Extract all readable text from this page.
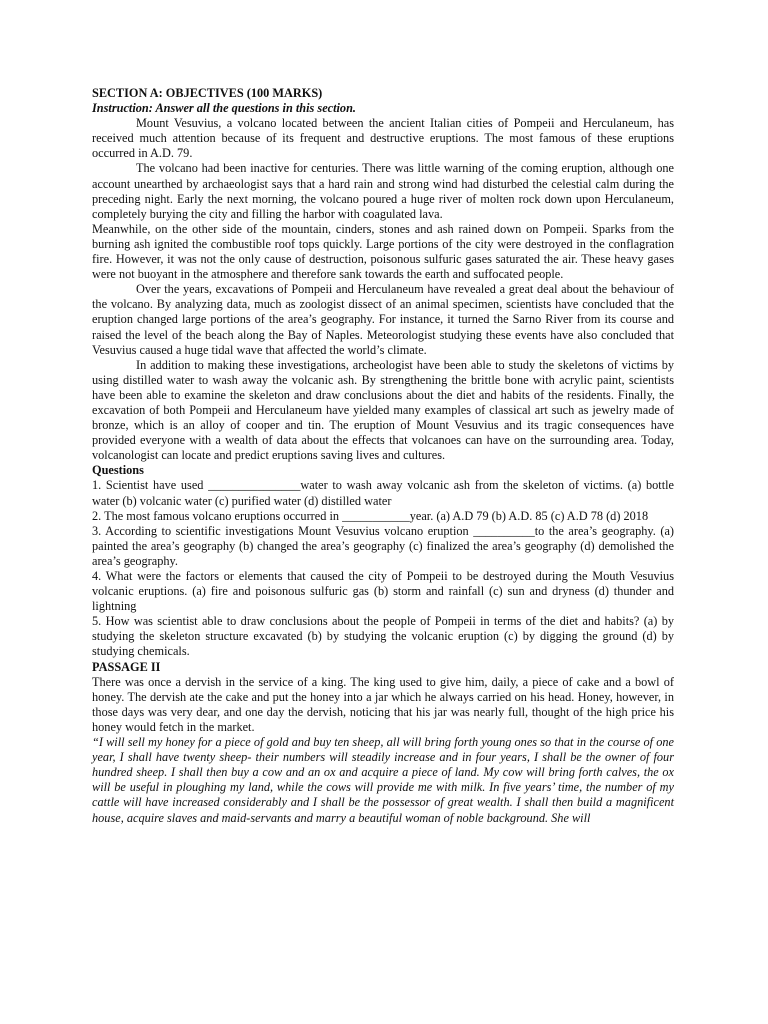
SECTION A: OBJECTIVES (100 MARKS)

Instruction: Answer all the questions in this section.

Mount Vesuvius, a volcano located between the ancient Italian cities of Pompeii and Herculaneum, has received much attention because of its frequent and destructive eruptions. The most famous of these eruptions occurred in A.D. 79.

The volcano had been inactive for centuries. There was little warning of the coming eruption, although one account unearthed by archaeologist says that a hard rain and strong wind had disturbed the celestial calm during the preceding night. Early the next morning, the volcano poured a huge river of molten rock down upon Herculaneum, completely burying the city and filling the harbor with coagulated lava.

Meanwhile, on the other side of the mountain, cinders, stones and ash rained down on Pompeii. Sparks from the burning ash ignited the combustible roof tops quickly. Large portions of the city were destroyed in the conflagration fire. However, it was not the only cause of destruction, poisonous sulfuric gases saturated the air. These heavy gases were not buoyant in the atmosphere and therefore sank towards the earth and suffocated people.

Over the years, excavations of Pompeii and Herculaneum have revealed a great deal about the behaviour of the volcano. By analyzing data, much as zoologist dissect of an animal specimen, scientists have concluded that the eruption changed large portions of the area’s geography. For instance, it turned the Sarno River from its course and raised the level of the beach along the Bay of Naples. Meteorologist studying these events have also concluded that Vesuvius caused a huge tidal wave that affected the world’s climate.

In addition to making these investigations, archeologist have been able to study the skeletons of victims by using distilled water to wash away the volcanic ash. By strengthening the brittle bone with acrylic paint, scientists have been able to examine the skeleton and draw conclusions about the diet and habits of the residents. Finally, the excavation of both Pompeii and Herculaneum have yielded many examples of classical art such as jewelry made of bronze, which is an alloy of cooper and tin. The eruption of Mount Vesuvius and its tragic consequences have provided everyone with a wealth of data about the effects that volcanoes can have on the surrounding area. Today, volcanologist can locate and predict eruptions saving lives and cultures.

Questions

1. Scientist have used _______________water to wash away volcanic ash from the skeleton of victims. (a) bottle water (b) volcanic water (c) purified water (d) distilled water

2. The most famous volcano eruptions occurred in ___________year. (a) A.D 79 (b) A.D. 85 (c) A.D 78 (d) 2018

3. According to scientific investigations Mount Vesuvius volcano eruption __________to the area’s geography. (a) painted the area’s geography (b) changed the area’s geography (c) finalized the area’s geography (d) demolished the area’s geography.

4. What were the factors or elements that caused the city of Pompeii to be destroyed during the Mouth Vesuvius volcanic eruptions. (a) fire and poisonous sulfuric gas (b) storm and rainfall (c) sun and dryness (d) thunder and lightning

5. How was scientist able to draw conclusions about the people of Pompeii in terms of the diet and habits? (a) by studying the skeleton structure excavated (b) by studying the volcanic eruption (c) by digging the ground (d) by studying chemicals.

PASSAGE II

There was once a dervish in the service of a king. The king used to give him, daily, a piece of cake and a bowl of honey. The dervish ate the cake and put the honey into a jar which he always carried on his head. Honey, however, in those days was very dear, and one day the dervish, noticing that his jar was nearly full, thought of the high price his honey would fetch in the market.

“I will sell my honey for a piece of gold and buy ten sheep, all will bring forth young ones so that in the course of one year, I shall have twenty sheep- their numbers will steadily increase and in four years, I shall be the owner of four hundred sheep. I shall then buy a cow and an ox and acquire a piece of land. My cow will bring forth calves, the ox will be useful in ploughing my land, while the cows will provide me with milk. In five years’ time, the number of my cattle will have increased considerably and I shall be the possessor of great wealth. I shall then build a magnificent house, acquire slaves and maid-servants and marry a beautiful woman of noble background. She will
